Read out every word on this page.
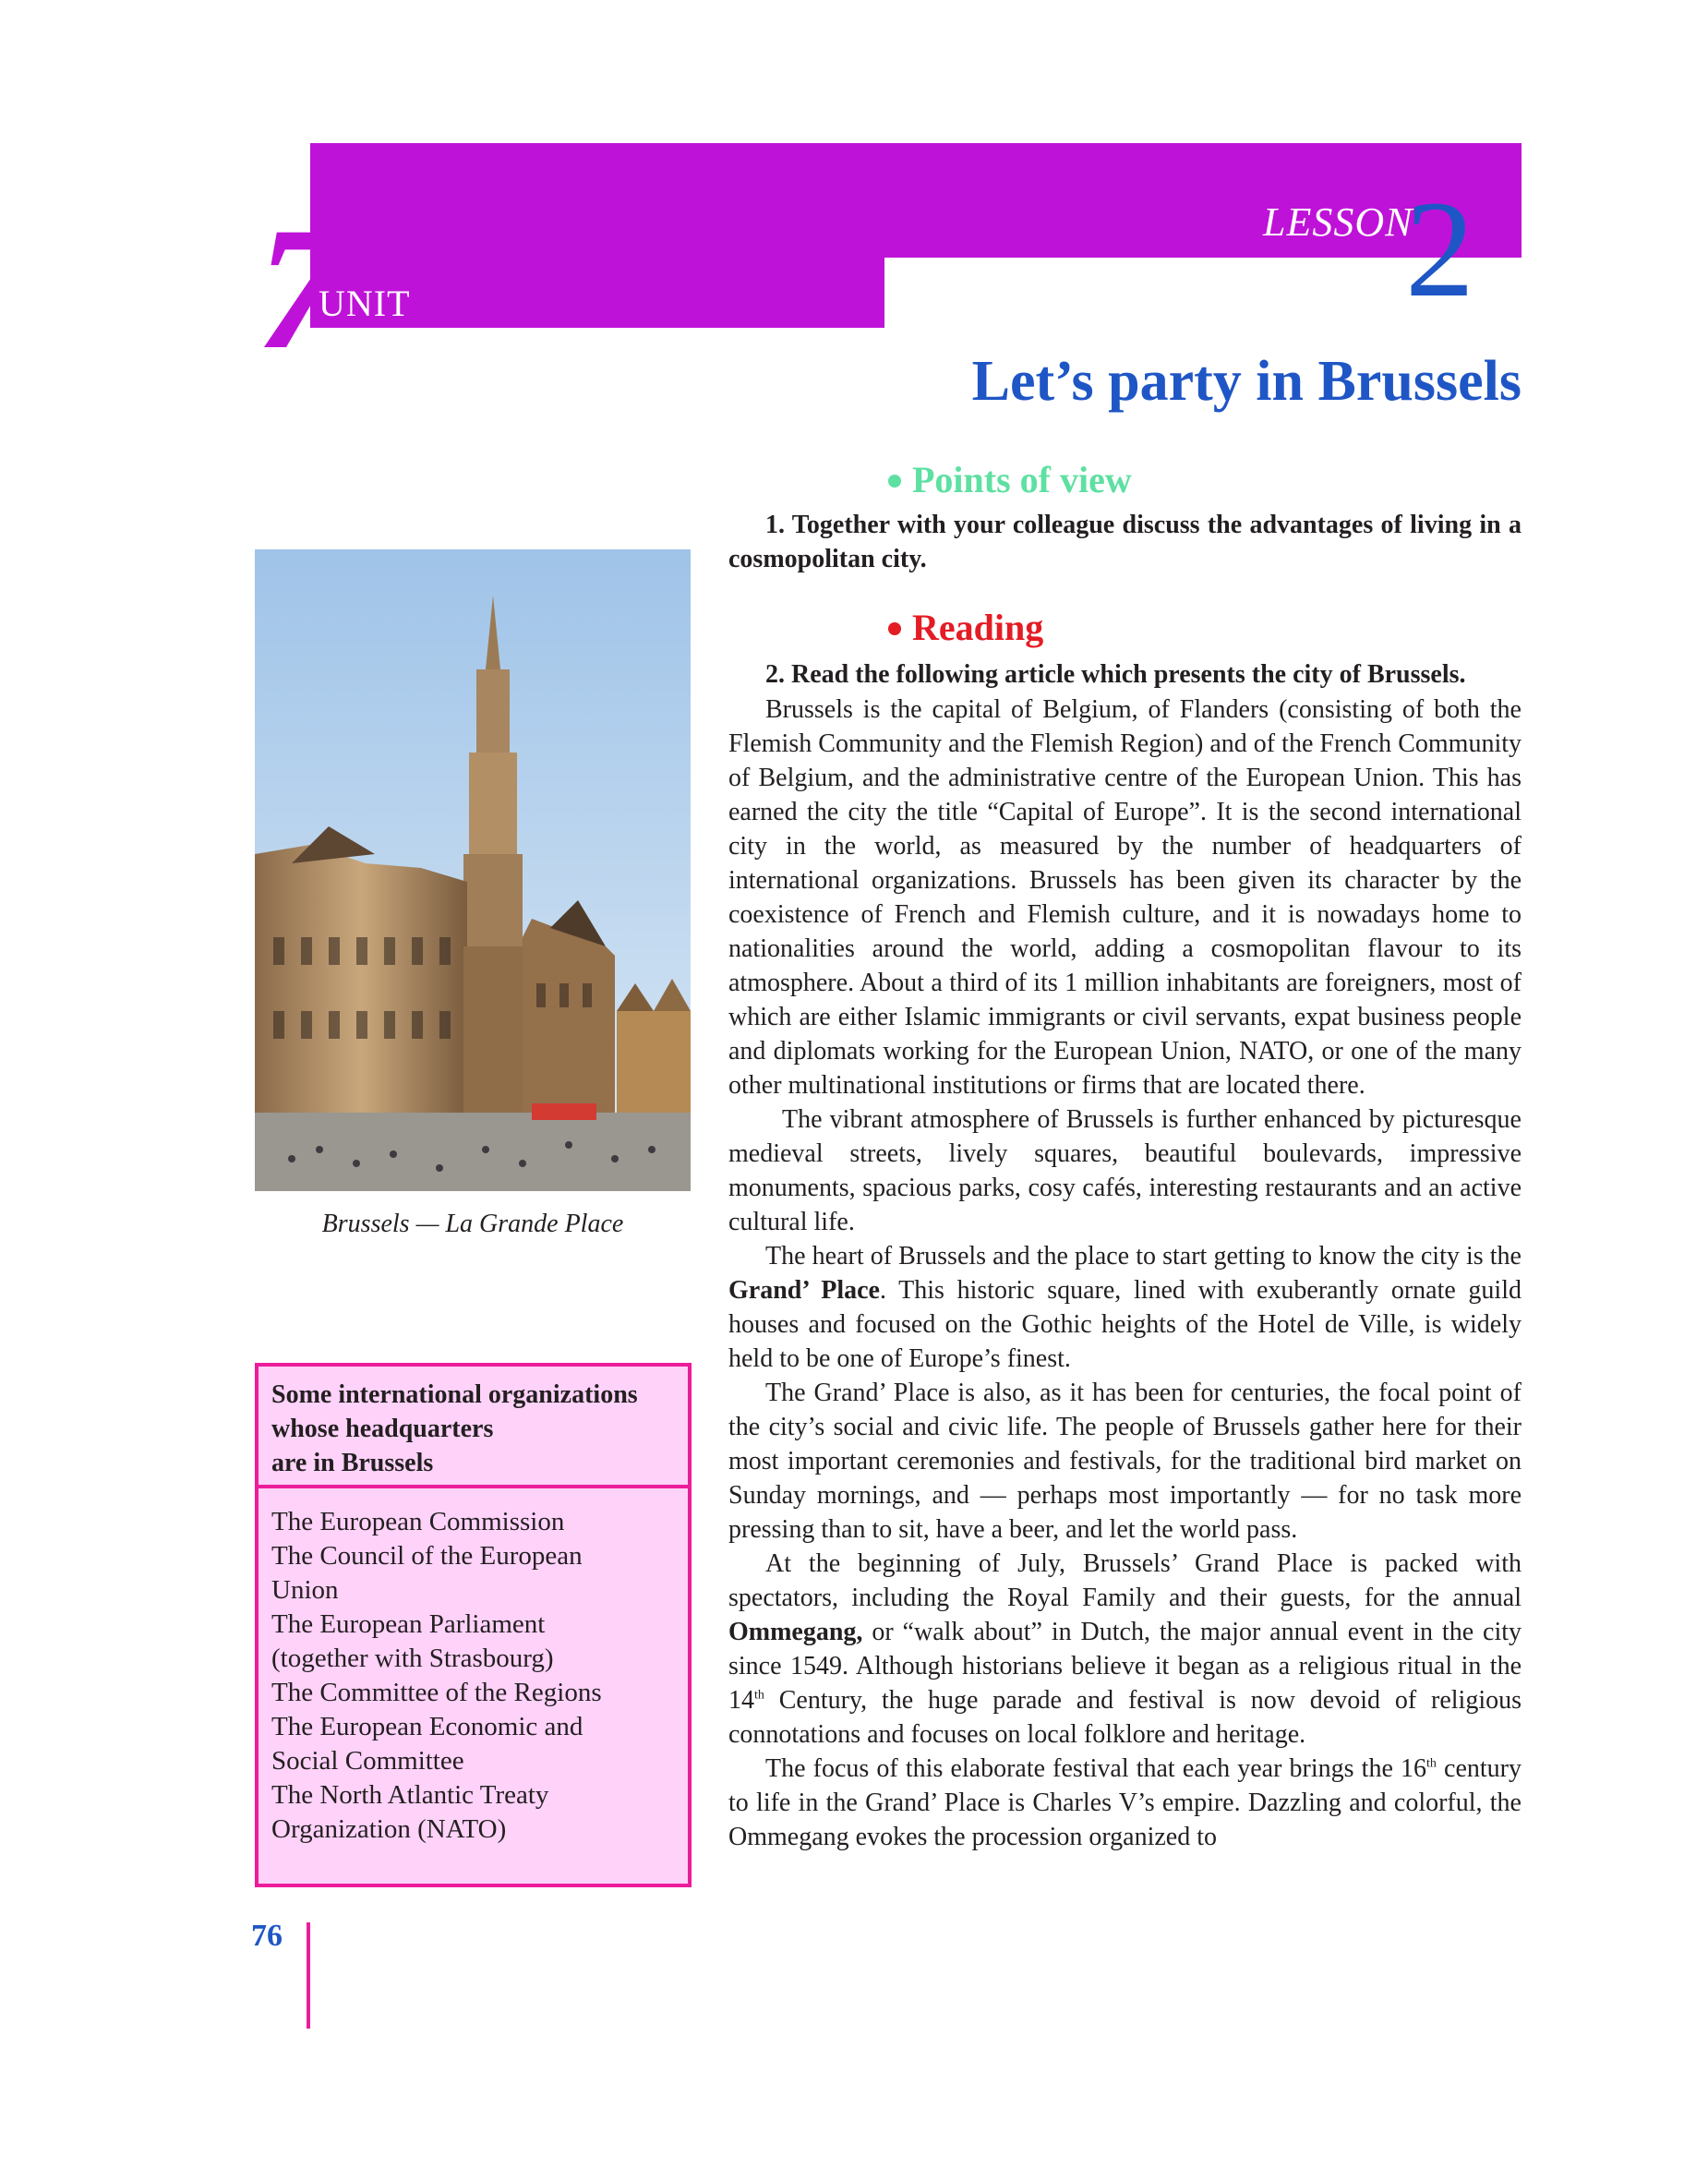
7
UNIT
LESSON
2
Let’s party in Brussels
Points of view
1. Together with your colleague discuss the advantages of living in a cosmopolitan city.
Reading
2. Read the following article which presents the city of Brussels.

Brussels is the capital of Belgium, of Flanders (consisting of both the Flemish Community and the Flemish Region) and of the French Community of Belgium, and the administrative centre of the European Union. This has earned the city the title “Capital of Europe”. It is the second international city in the world, as measured by the number of headquarters of international organizations. Brussels has been given its character by the coexistence of French and Flemish culture, and it is nowadays home to nationalities around the world, adding a cosmopolitan flavour to its atmosphere. About a third of its 1 million inhabitants are foreigners, most of which are either Islamic immigrants or civil servants, expat business people and diplomats working for the European Union, NATO, or one of the many other multinational institutions or firms that are located there.

The vibrant atmosphere of Brussels is further enhanced by picturesque medieval streets, lively squares, beautiful boulevards, impressive monuments, spacious parks, cosy cafés, interesting restaurants and an active cultural life.

The heart of Brussels and the place to start getting to know the city is the Grand’ Place. This historic square, lined with exuberantly ornate guild houses and focused on the Gothic heights of the Hotel de Ville, is widely held to be one of Europe’s finest.

The Grand’ Place is also, as it has been for centuries, the focal point of the city’s social and civic life. The people of Brussels gather here for their most important ceremonies and festivals, for the traditional bird market on Sunday mornings, and — perhaps most importantly — for no task more pressing than to sit, have a beer, and let the world pass.

At the beginning of July, Brussels’ Grand Place is packed with spectators, including the Royal Family and their guests, for the annual Ommegang, or “walk about” in Dutch, the major annual event in the city since 1549. Although historians believe it began as a religious ritual in the 14th Century, the huge parade and festival is now devoid of religious connotations and focuses on local folklore and heritage.

The focus of this elaborate festival that each year brings the 16th century to life in the Grand’ Place is Charles V’s empire. Dazzling and colorful, the Ommegang evokes the procession organized to

Brussels — La Grande Place
Some international organizations
whose headquarters
are in Brussels
The European Commission
The Council of the European
Union
The European Parliament
(together with Strasbourg)
The Committee of the Regions
The European Economic and
Social Committee
The North Atlantic Treaty
Organization (NATO)
76
